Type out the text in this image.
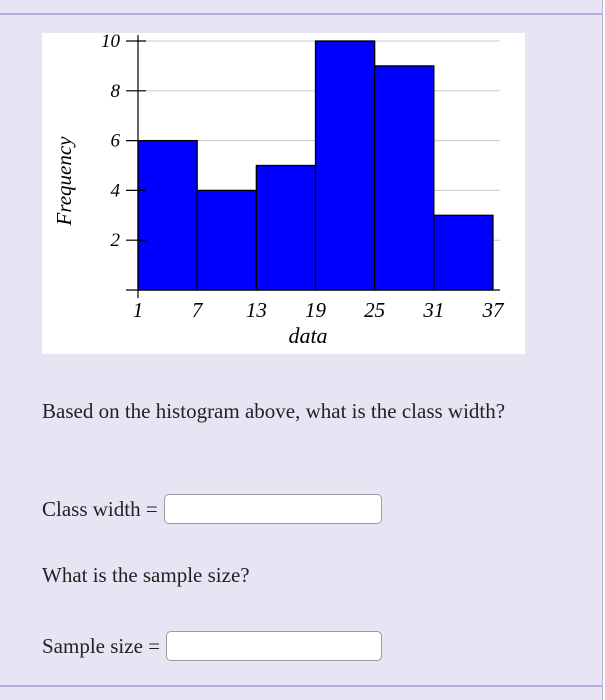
2
4
6
8
10
1 7 13 19 25 31 37
data
Frequency
Based on the histogram above, what is the class width?
Class width =
What is the sample size?
Sample size =
